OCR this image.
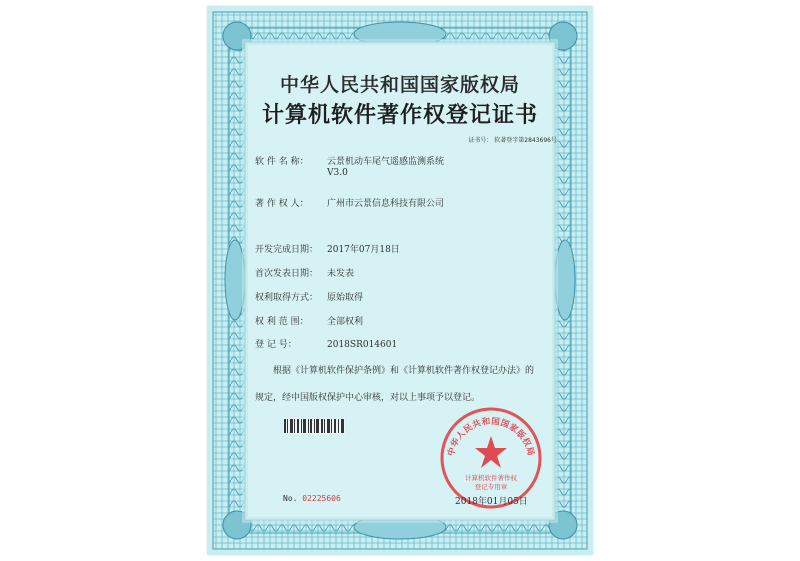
中华人民共和国国家版权局
计算机软件著作权登记证书
证书号： 软著登字第2843696号
软 件 名 称： 云景机动车尾气遥感监测系统
V3.0
著 作 权 人： 广州市云景信息科技有限公司
开发完成日期： 2017年07月18日
首次发表日期： 未发表
权利取得方式： 原始取得
权 利 范 围： 全部权利
登 记 号：	2018SR014601
　　根据《计算机软件保护条例》和《计算机软件著作权登记办法》的
规定，经中国版权保护中心审核，对以上事项予以登记。
中华人民共和国国家版权局
计算机软件著作权
登记专用章
No. 02225606	2018年01月05日
